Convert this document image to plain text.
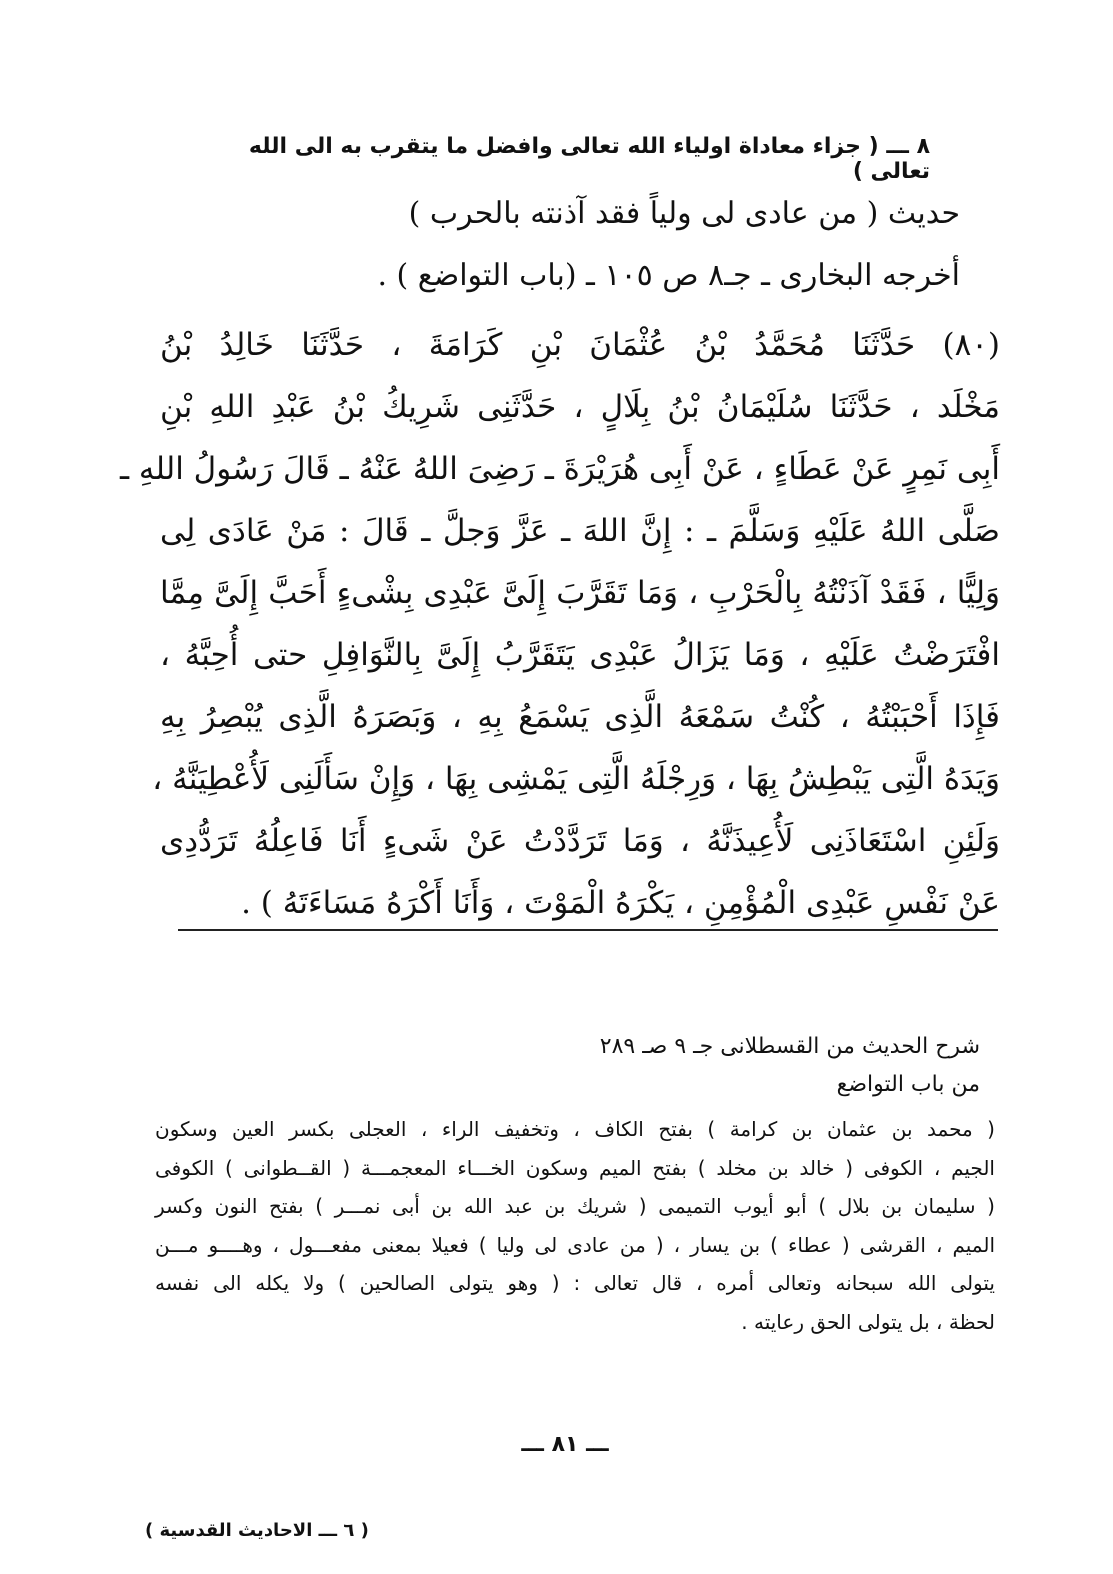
٨ ـــ ( جزاء معاداة اولياء الله تعالى وافضل ما يتقرب به الى الله تعالى )
حديث ( من عادى لى ولياً فقد آذنته بالحرب )
أخرجه البخارى ـ جـ٨ ص ١٠٥ ـ (باب التواضع ) .
(٨٠) حَدَّثَنَا مُحَمَّدُ بْنُ عُثْمَانَ بْنِ كَرَامَةَ ، حَدَّثَنَا خَالِدُ بْنُ
مَخْلَد ، حَدَّثَنَا سُلَيْمَانُ بْنُ بِلَالٍ ، حَدَّثَنِى شَرِيكُ بْنُ عَبْدِ اللهِ بْنِ
أَبِى نَمِرٍ عَنْ عَطَاءٍ ، عَنْ أَبِى هُرَيْرَةَ ـ رَضِىَ اللهُ عَنْهُ ـ قَالَ رَسُولُ اللهِ ـ
صَلَّى اللهُ عَلَيْهِ وَسَلَّمَ ـ : إِنَّ اللهَ ـ عَزَّ وَجلَّ ـ قَالَ : مَنْ عَادَى لِى
وَلِيًّا ، فَقَدْ آذَنْتُهُ بِالْحَرْبِ ، وَمَا تَقَرَّبَ إِلَىَّ عَبْدِى بِشْىءٍ أَحَبَّ إِلَىَّ مِمَّا
افْتَرَضْتُ عَلَيْهِ ، وَمَا يَزَالُ عَبْدِى يَتَقَرَّبُ إِلَىَّ بِالنَّوَافِلِ حتى أُحِبَّهُ ،
فَإِذَا أَحْبَبْتُهُ ، كُنْتُ سَمْعَهُ الَّذِى يَسْمَعُ بِهِ ، وَبَصَرَهُ الَّذِى يُبْصِرُ بِهِ
وَيَدَهُ الَّتِى يَبْطِشُ بِهَا ، وَرِجْلَهُ الَّتِى يَمْشِى بِهَا ، وَإِنْ سَأَلَنِى لَأُعْطِيَنَّهُ ،
وَلَئِنِ اسْتَعَاذَنِى لَأُعِيذَنَّهُ ، وَمَا تَرَدَّدْتُ عَنْ شَىءٍ أَنَا فَاعِلُهُ تَرَدُّدِى
عَنْ نَفْسِ عَبْدِى الْمُؤْمِنِ ، يَكْرَهُ الْمَوْتَ ، وَأَنَا أَكْرَهُ مَسَاءَتَهُ ) .
شرح الحديث من القسطلانى جـ ٩ صـ ٢٨٩
من باب التواضع
( محمد بن عثمان بن كرامة ) بفتح الكاف ، وتخفيف الراء ، العجلى بكسر العين وسكون
الجيم ، الكوفى ( خالد بن مخلد ) بفتح الميم وسكون الخـــاء المعجمـــة ( القــطوانى ) الكوفى
( سليمان بن بلال ) أبو أيوب التميمى ( شريك بن عبد الله بن أبى نمـــر ) بفتح النون وكسر
الميم ، القرشى ( عطاء ) بن يسار ، ( من عادى لى وليا ) فعيلا بمعنى مفعـــول ، وهــــو مـــن
يتولى الله سبحانه وتعالى أمره ، قال تعالى : ( وهو يتولى الصالحين ) ولا يكله الى نفسه
لحظة ، بل يتولى الحق رعايته .
ـــ ٨١ ـــ
( ٦ ـــ الاحاديث القدسية )
